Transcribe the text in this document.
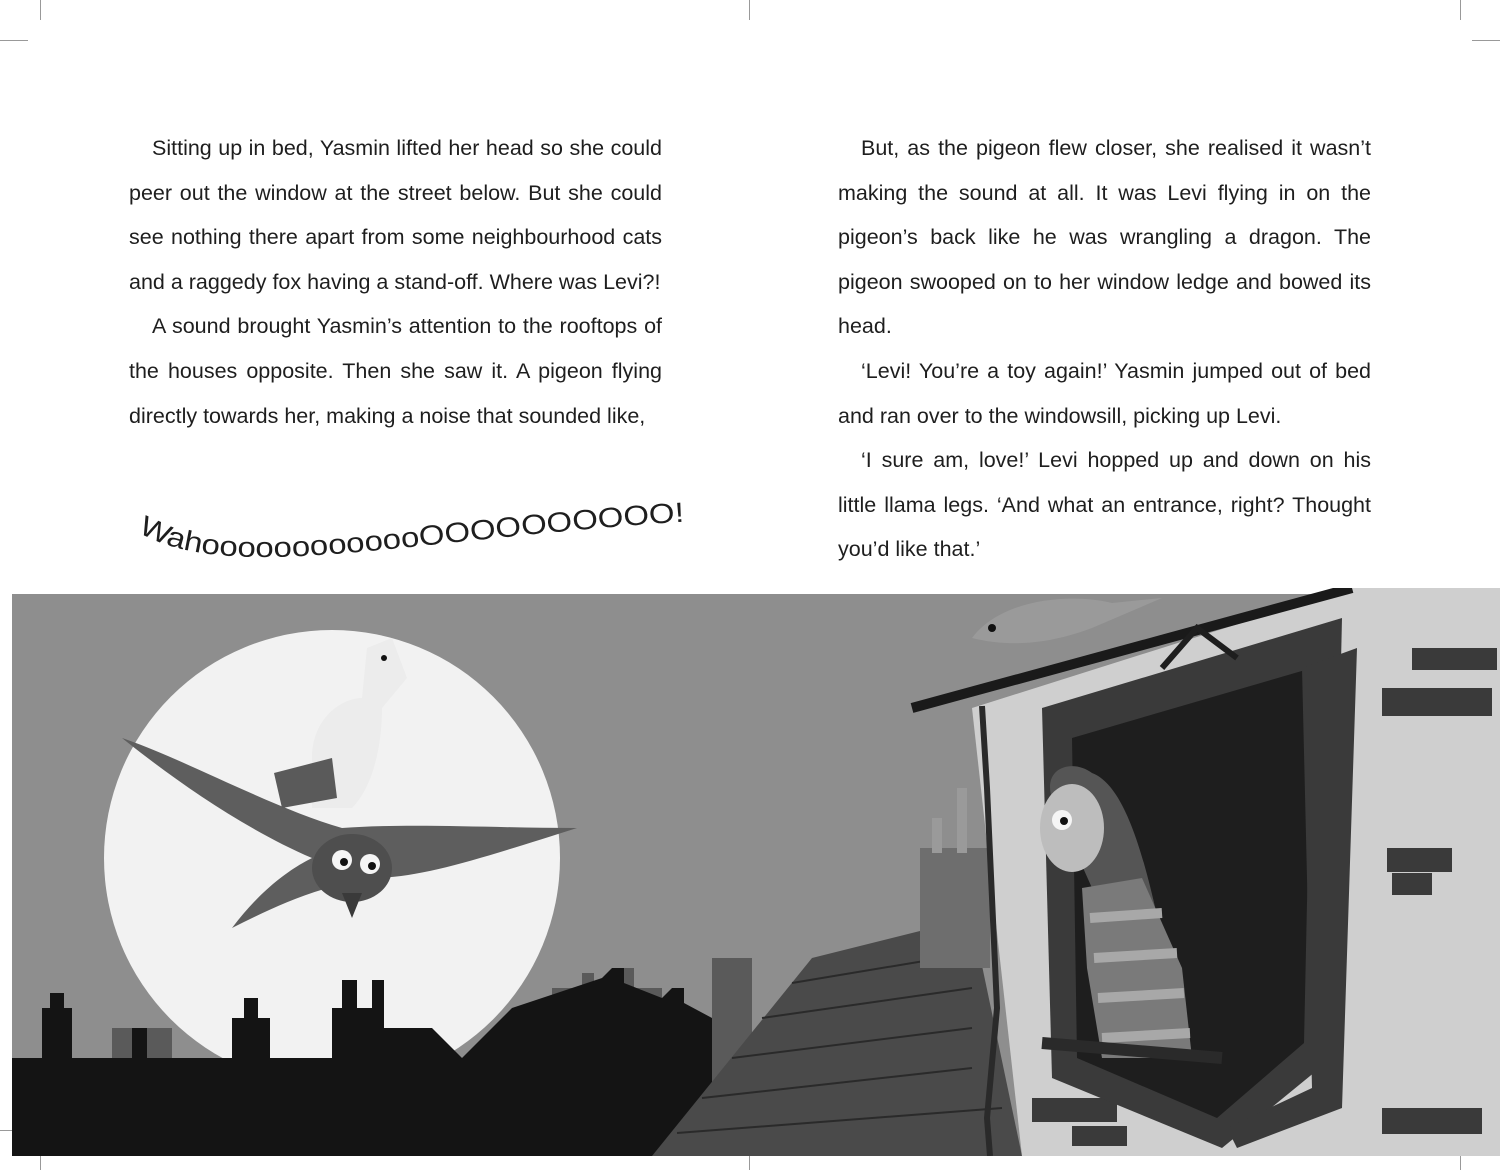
Sitting up in bed, Yasmin lifted her head so she could peer out the window at the street below. But she could see nothing there apart from some neighbourhood cats and a raggedy fox having a stand-off. Where was Levi?!

A sound brought Yasmin’s attention to the rooftops of the houses opposite. Then she saw it. A pigeon flying directly towards her, making a noise that sounded like,

But, as the pigeon flew closer, she realised it wasn’t making the sound at all. It was Levi flying in on the pigeon’s back like he was wrangling a dragon. The pigeon swooped on to her window ledge and bowed its head.

‘Levi! You’re a toy again!’ Yasmin jumped out of bed and ran over to the windowsill, picking up Levi.

‘I sure am, love!’ Levi hopped up and down on his little llama legs. ‘And what an entrance, right? Thought you’d like that.’

WahooooooooooooOOOOOOOOOO!
